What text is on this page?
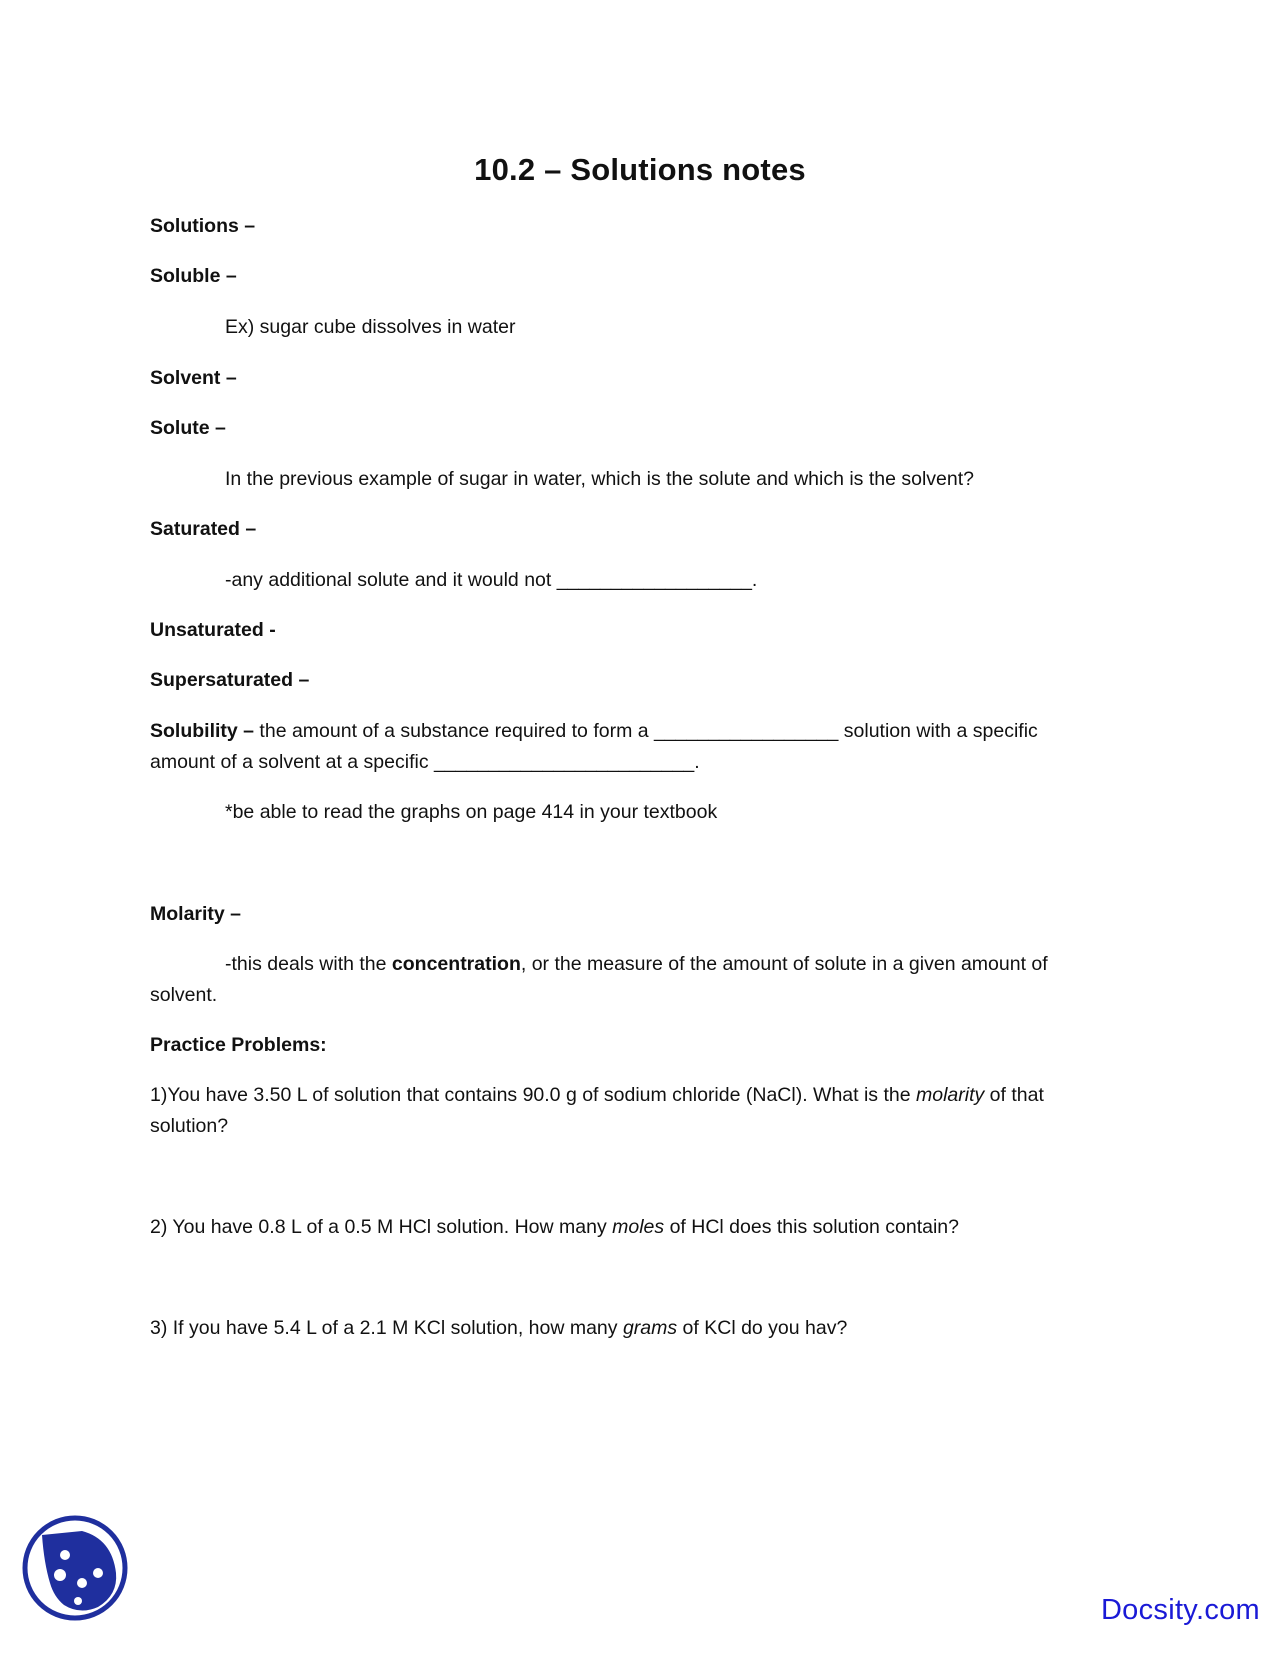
10.2 – Solutions notes
Solutions –
Soluble –
Ex) sugar cube dissolves in water
Solvent –
Solute –
In the previous example of sugar in water, which is the solute and which is the solvent?
Saturated –
-any additional solute and it would not __________________.
Unsaturated -
Supersaturated –
Solubility – the amount of a substance required to form a _________________ solution with a specific
amount of a solvent at a specific ________________________.
*be able to read the graphs on page 414 in your textbook
Molarity –
-this deals with the concentration, or the measure of the amount of solute in a given amount of
solvent.
Practice Problems:
1)You have 3.50 L of solution that contains 90.0 g of sodium chloride (NaCl). What is the molarity of that
solution?
2) You have 0.8 L of a 0.5 M HCl solution. How many moles of HCl does this solution contain?
3) If you have 5.4 L of a 2.1 M KCl solution, how many grams of KCl do you hav?
Docsity.com
